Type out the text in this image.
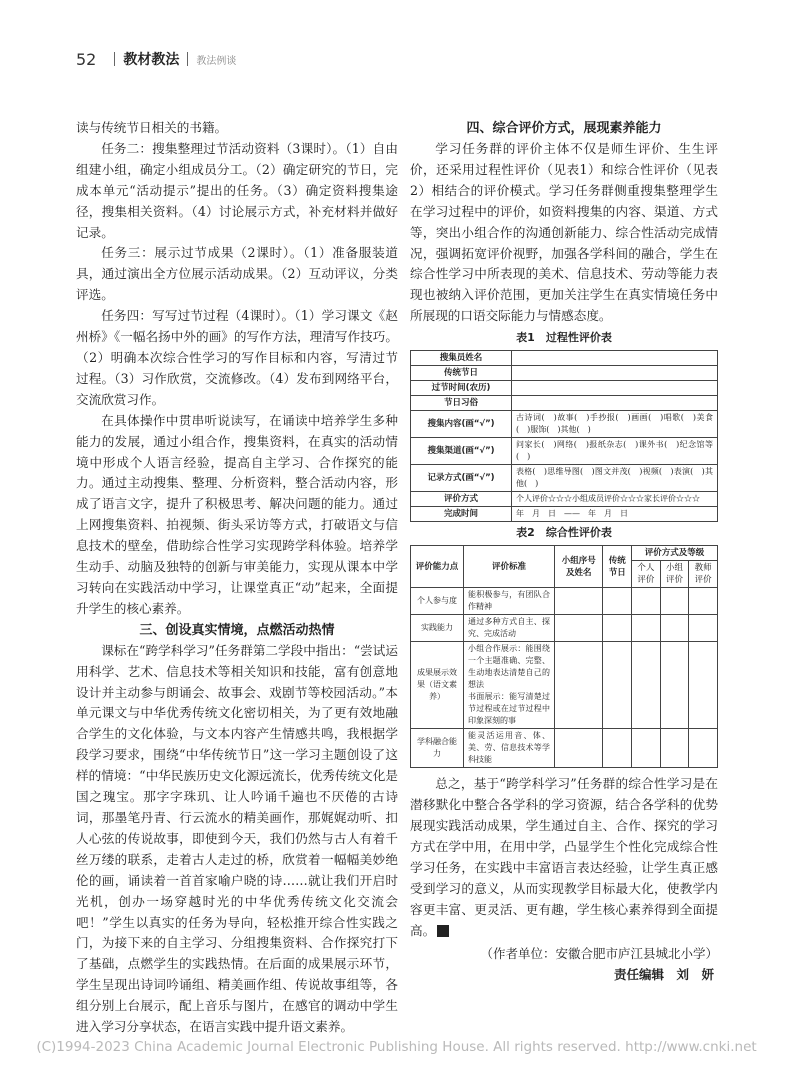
52 教材教法 教法例谈

读与传统节日相关的书籍。

任务二：搜集整理过节活动资料（3课时）。（1）自由组建小组，确定小组成员分工。（2）确定研究的节日，完成本单元“活动提示”提出的任务。（3）确定资料搜集途径，搜集相关资料。（4）讨论展示方式，补充材料并做好记录。

任务三：展示过节成果（2课时）。（1）准备服装道具，通过演出全方位展示活动成果。（2）互动评议，分类评选。

任务四：写写过节过程（4课时）。（1）学习课文《赵州桥》《一幅名扬中外的画》的写作方法，理清写作技巧。（2）明确本次综合性学习的写作目标和内容，写清过节过程。（3）习作欣赏，交流修改。（4）发布到网络平台，交流欣赏习作。

在具体操作中贯串听说读写，在诵读中培养学生多种能力的发展，通过小组合作，搜集资料，在真实的活动情境中形成个人语言经验，提高自主学习、合作探究的能力。通过主动搜集、整理、分析资料，整合活动内容，形成了语言文字，提升了积极思考、解决问题的能力。通过上网搜集资料、拍视频、街头采访等方式，打破语文与信息技术的壁垒，借助综合性学习实现跨学科体验。培养学生动手、动脑及独特的创新与审美能力，实现从课本中学习转向在实践活动中学习，让课堂真正“动”起来，全面提升学生的核心素养。

三、创设真实情境，点燃活动热情

课标在“跨学科学习”任务群第二学段中指出：“尝试运用科学、艺术、信息技术等相关知识和技能，富有创意地设计并主动参与朗诵会、故事会、戏剧节等校园活动。”本单元课文与中华优秀传统文化密切相关，为了更有效地融合学生的文化体验，与文本内容产生情感共鸣，我根据学段学习要求，围绕“中华传统节日”这一学习主题创设了这样的情境：“中华民族历史文化源远流长，优秀传统文化是国之瑰宝。那字字珠玑、让人吟诵千遍也不厌倦的古诗词，那墨笔丹青、行云流水的精美画作，那娓娓动听、扣人心弦的传说故事，即使到今天，我们仍然与古人有着千丝万缕的联系，走着古人走过的桥，欣赏着一幅幅美妙绝伦的画，诵读着一首首家喻户晓的诗……就让我们开启时光机，创办一场穿越时光的中华优秀传统文化交流会吧！”学生以真实的任务为导向，轻松推开综合性实践之门，为接下来的自主学习、分组搜集资料、合作探究打下了基础，点燃学生的实践热情。在后面的成果展示环节，学生呈现出诗词吟诵组、精美画作组、传说故事组等，各组分别上台展示，配上音乐与图片，在感官的调动中学生进入学习分享状态，在语言实践中提升语文素养。

四、综合评价方式，展现素养能力

学习任务群的评价主体不仅是师生评价、生生评价，还采用过程性评价（见表1）和综合性评价（见表2）相结合的评价模式。学习任务群侧重搜集整理学生在学习过程中的评价，如资料搜集的内容、渠道、方式等，突出小组合作的沟通创新能力、综合性活动完成情况，强调拓宽评价视野，加强各学科间的融合，学生在综合性学习中所表现的美术、信息技术、劳动等能力表现也被纳入评价范围，更加关注学生在真实情境任务中所展现的口语交际能力与情感态度。

表1　过程性评价表
搜集员姓名	
传统节日	
过节时间(农历)	
节日习俗	
搜集内容(画“√”)	古诗词(　)故事(　)手抄报(　)画画(　)唱歌(　)美食(　)服饰(　)其他(　)
搜集渠道(画“√”)	问家长(　)网络(　)报纸杂志(　)课外书(　)纪念馆等(　)
记录方式(画“√”)	表格(　)思维导图(　)图文并茂(　)视频(　)表演(　)其他(　)
评价方式	个人评价☆☆☆小组成员评价☆☆☆家长评价☆☆☆
完成时间	年　月　日　——　年　月　日
表2　综合性评价表
评价能力点	评价标准	小组序号及姓名	传统节日	评价方式及等级		
				个人评价	小组评价	教师评价
个人参与度	能积极参与，有团队合作精神					
实践能力	通过多种方式自主、探究、完成活动					
成果展示效果（语文素养）	小组合作展示：能围绕一个主题准确、完整、生动地表达清楚自己的想法
书面展示：能写清楚过节过程或在过节过程中印象深刻的事					
学科融合能力	能灵活运用音、体、美、劳、信息技术等学科技能					

总之，基于“跨学科学习”任务群的综合性学习是在潜移默化中整合各学科的学习资源，结合各学科的优势展现实践活动成果，学生通过自主、合作、探究的学习方式在学中用，在用中学，凸显学生个性化完成综合性学习任务，在实践中丰富语言表达经验，让学生真正感受到学习的意义，从而实现教学目标最大化，使教学内容更丰富、更灵活、更有趣，学生核心素养得到全面提高。

（作者单位：安徽合肥市庐江县城北小学）
责任编辑　刘　妍
(C)1994-2023 China Academic Journal Electronic Publishing House. All rights reserved. http://www.cnki.net
